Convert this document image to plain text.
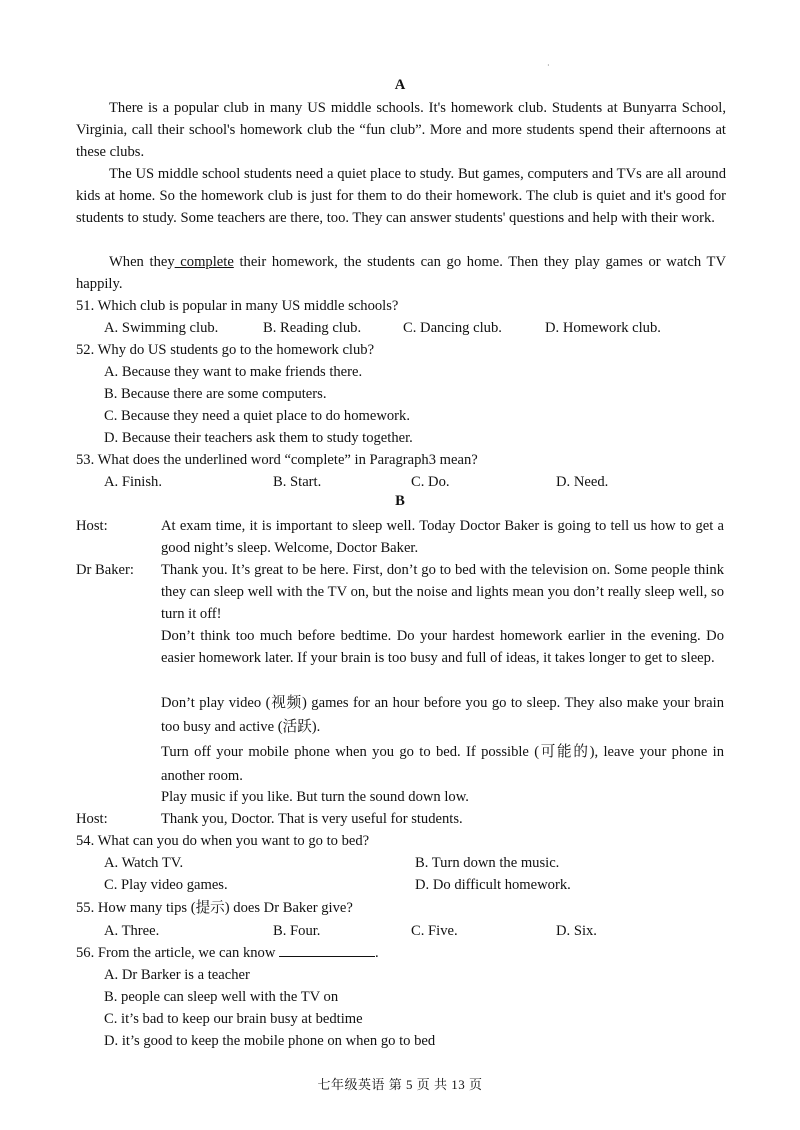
·
A

There is a popular club in many US middle schools. It's homework club. Students at Bunyarra School, Virginia, call their school's homework club the “fun club”. More and more students spend their afternoons at these clubs.

The US middle school students need a quiet place to study. But games, computers and TVs are all around kids at home. So the homework club is just for them to do their homework. The club is quiet and it's good for students to study. Some teachers are there, too. They can answer students' questions and help with their work.

When they complete their homework, the students can go home. Then they play games or watch TV happily.

51. Which club is popular in many US middle schools?
A. Swimming club.	B. Reading club.	C. Dancing club.	D. Homework club.
52. Why do US students go to the homework club?
A. Because they want to make friends there.
B. Because there are some computers.
C. Because they need a quiet place to do homework.
D. Because their teachers ask them to study together.
53. What does the underlined word “complete” in Paragraph3 mean?
A. Finish.	B. Start.	C. Do.	D. Need.
B
Host:	At exam time, it is important to sleep well. Today Doctor Baker is going to tell us how to get a good night’s sleep. Welcome, Doctor Baker.

Dr Baker: Thank you. It’s great to be here. First, don’t go to bed with the television on. Some people think they can sleep well with the TV on, but the noise and lights mean you don’t really sleep well, so turn it off!

Don’t think too much before bedtime. Do your hardest homework earlier in the evening. Do easier homework later. If your brain is too busy and full of ideas, it takes longer to get to sleep.

Don’t play video (视频) games for an hour before you go to sleep. They also make your brain too busy and active (活跃).

Turn off your mobile phone when you go to bed. If possible (可能的), leave your phone in another room.

Play music if you like. But turn the sound down low.

Host:	Thank you, Doctor. That is very useful for students.

54. What can you do when you want to go to bed?
A. Watch TV.	B. Turn down the music.
C. Play video games.	D. Do difficult homework.
55. How many tips (提示) does Dr Baker give?
A. Three.	B. Four.	C. Five.	D. Six.
56. From the article, we can know	.
A. Dr Barker is a teacher
B. people can sleep well with the TV on
C. it’s bad to keep our brain busy at bedtime
D. it’s good to keep the mobile phone on when go to bed
七年级英语 第 5 页 共 13 页
